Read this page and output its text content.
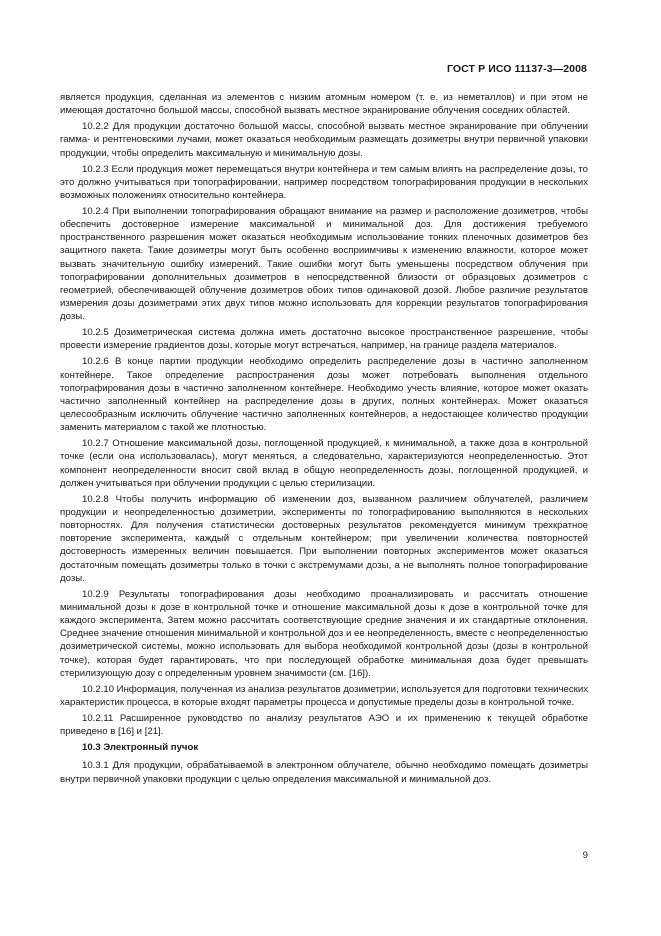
ГОСТ Р ИСО 11137-3—2008

является продукция, сделанная из элементов с низким атомным номером (т. е. из неметаллов) и при этом не имеющая достаточно большой массы, способной вызвать местное экранирование облучения соседних областей.

10.2.2 Для продукции достаточно большой массы, способной вызвать местное экранирование при облучении гамма- и рентгеновскими лучами, может оказаться необходимым размещать дозиметры внутри первичной упаковки продукции, чтобы определить максимальную и минимальную дозы.

10.2.3 Если продукция может перемещаться внутри контейнера и тем самым влиять на распределение дозы, то это должно учитываться при топографировании, например посредством топографирования продукции в нескольких возможных положениях относительно контейнера.

10.2.4 При выполнении топографирования обращают внимание на размер и расположение дозиметров, чтобы обеспечить достоверное измерение максимальной и минимальной доз. Для достижения требуемого пространственного разрешения может оказаться необходимым использование тонких пленочных дозиметров без защитного пакета. Такие дозиметры могут быть особенно восприимчивы к изменению влажности, которое может вызвать значительную ошибку измерений. Такие ошибки могут быть уменьшены посредством облучения при топографировании дополнительных дозиметров в непосредственной близости от образцовых дозиметров с геометрией, обеспечивающей облучение дозиметров обоих типов одинаковой дозой. Любое различие результатов измерения дозы дозиметрами этих двух типов можно использовать для коррекции результатов топографирования дозы.

10.2.5 Дозиметрическая система должна иметь достаточно высокое пространственное разрешение, чтобы провести измерение градиентов дозы, которые могут встречаться, например, на границе раздела материалов.

10.2.6 В конце партии продукции необходимо определить распределение дозы в частично заполненном контейнере. Такое определение распространения дозы может потребовать выполнения отдельного топографирования дозы в частично заполненном контейнере. Необходимо учесть влияние, которое может оказать частично заполненный контейнер на распределение дозы в других, полных контейнерах. Может оказаться целесообразным исключить облучение частично заполненных контейнеров, а недостающее количество продукции заменить материалом с такой же плотностью.

10.2.7 Отношение максимальной дозы, поглощенной продукцией, к минимальной, а также доза в контрольной точке (если она использовалась), могут меняться, а следовательно, характеризуются неопределенностью. Этот компонент неопределенности вносит свой вклад в общую неопределенность дозы, поглощенной продукцией, и должен учитываться при облучении продукции с целью стерилизации.

10.2.8 Чтобы получить информацию об изменении доз, вызванном различием облучателей, различием продукции и неопределенностью дозиметрии, эксперименты по топографированию выполняются в нескольких повторностях. Для получения статистически достоверных результатов рекомендуется минимум трехкратное повторение эксперимента, каждый с отдельным контейнером; при увеличении количества повторностей достоверность измеренных величин повышается. При выполнении повторных экспериментов может оказаться достаточным помещать дозиметры только в точки с экстремумами дозы, а не выполнять полное топографирование дозы.

10.2.9 Результаты топографирования дозы необходимо проанализировать и рассчитать отношение минимальной дозы к дозе в контрольной точке и отношение максимальной дозы к дозе в контрольной точке для каждого эксперимента. Затем можно рассчитать соответствующие средние значения и их стандартные отклонения. Среднее значение отношения минимальной и контрольной доз и ее неопределенность, вместе с неопределенностью дозиметрической системы, можно использовать для выбора необходимой контрольной дозы (дозы в контрольной точке), которая будет гарантировать, что при последующей обработке минимальная доза будет превышать стерилизующую дозу с определенным уровнем значимости (см. [16]).

10.2.10 Информация, полученная из анализа результатов дозиметрии, используется для подготовки технических характеристик процесса, в которые входят параметры процесса и допустимые пределы дозы в контрольной точке.

10.2.11 Расширенное руководство по анализу результатов АЭО и их применению к текущей обработке приведено в [16] и [21].

10.3 Электронный пучок

10.3.1 Для продукции, обрабатываемой в электронном облучателе, обычно необходимо помещать дозиметры внутри первичной упаковки продукции с целью определения максимальной и минимальной доз.

9
